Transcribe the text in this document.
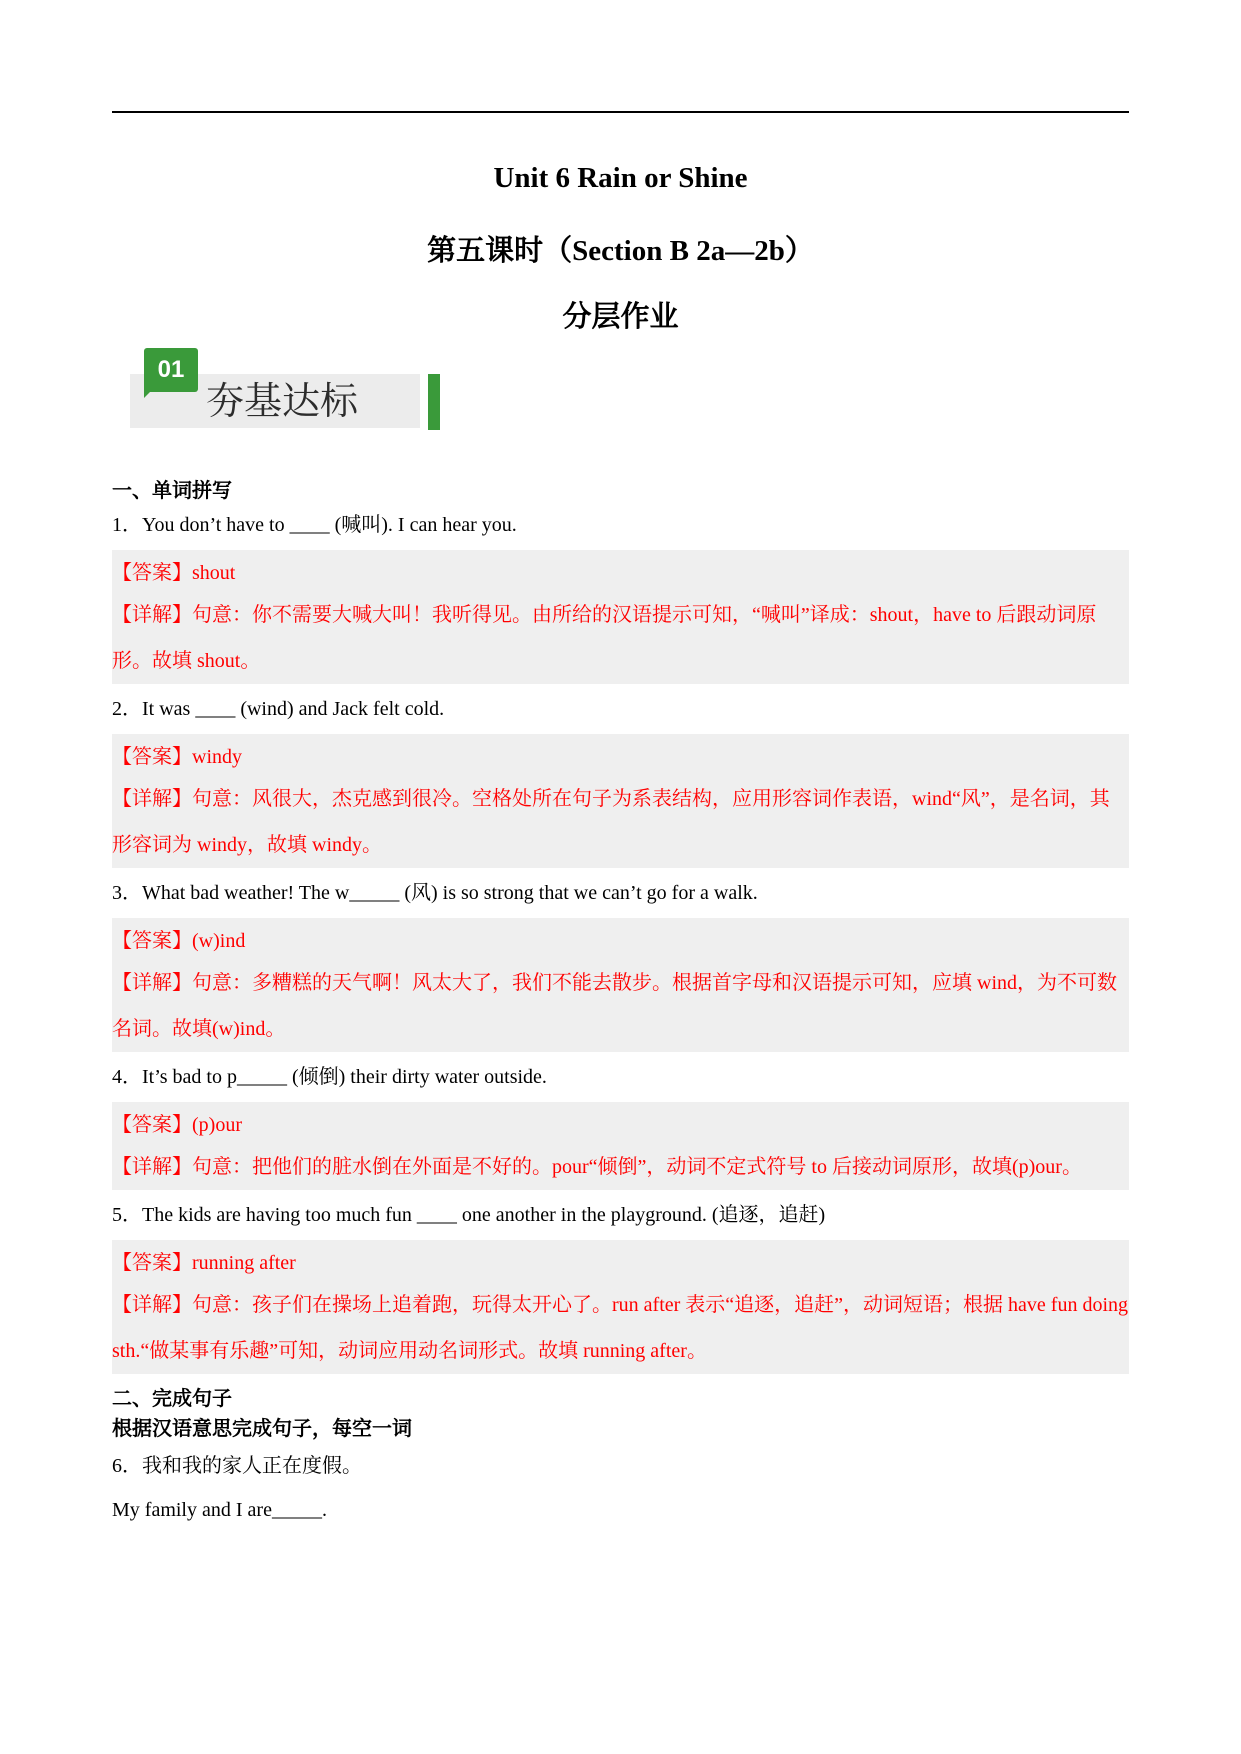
Unit 6 Rain or Shine
第五课时（Section B 2a—2b）
分层作业
01
夯基达标
一、单词拼写
1．You don’t have to ____ (喊叫). I can hear you.
【答案】shout
【详解】句意：你不需要大喊大叫！我听得见。由所给的汉语提示可知，“喊叫”译成：shout，have to 后跟动词原形。故填 shout。
2．It was ____ (wind) and Jack felt cold.
【答案】windy
【详解】句意：风很大，杰克感到很冷。空格处所在句子为系表结构，应用形容词作表语，wind“风”，是名词，其形容词为 windy，故填 windy。
3．What bad weather! The w_____ (风) is so strong that we can’t go for a walk.
【答案】(w)ind
【详解】句意：多糟糕的天气啊！风太大了，我们不能去散步。根据首字母和汉语提示可知，应填 wind，为不可数名词。故填(w)ind。
4．It’s bad to p_____ (倾倒) their dirty water outside.
【答案】(p)our
【详解】句意：把他们的脏水倒在外面是不好的。pour“倾倒”，动词不定式符号 to 后接动词原形，故填(p)our。
5．The kids are having too much fun ____ one another in the playground. (追逐，追赶)
【答案】running after
【详解】句意：孩子们在操场上追着跑，玩得太开心了。run after 表示“追逐，追赶”，动词短语；根据 have fun doing sth.“做某事有乐趣”可知，动词应用动名词形式。故填 running after。
二、完成句子
根据汉语意思完成句子，每空一词
6．我和我的家人正在度假。
My family and I are_____.
